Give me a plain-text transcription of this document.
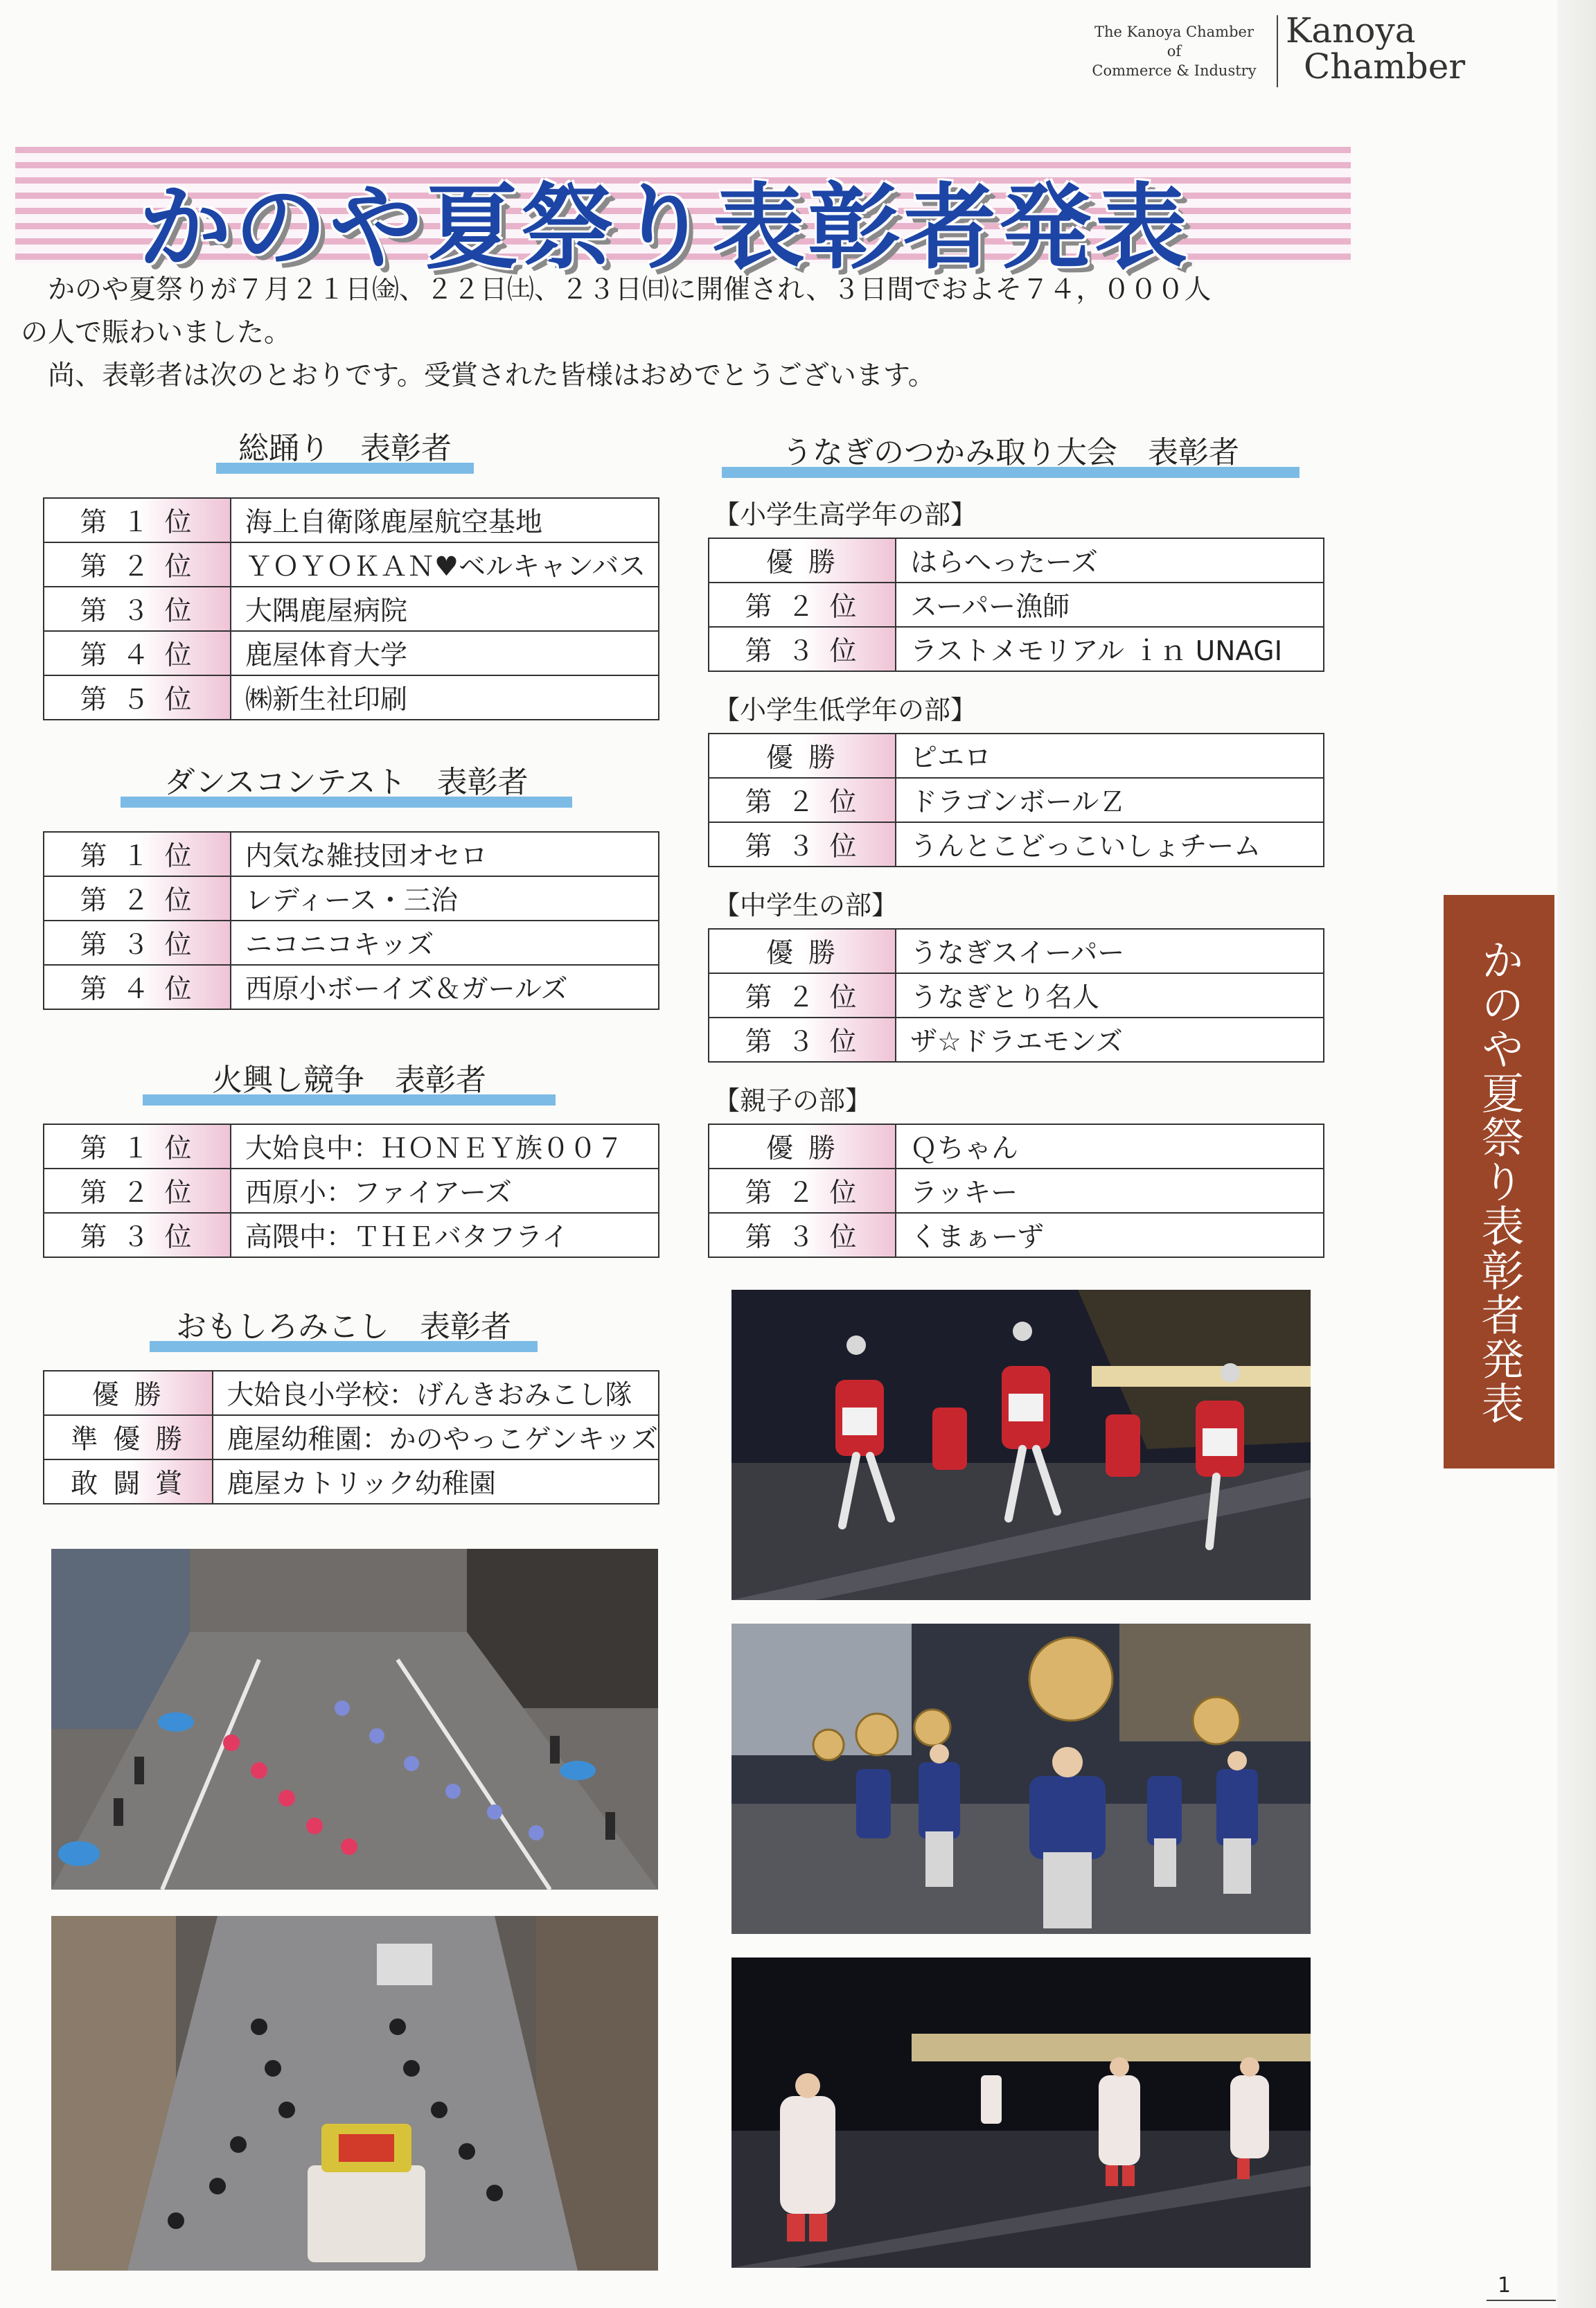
The Kanoya Chamber
of
Commerce & Industry
Kanoya
Chamber
かのや夏祭り表彰者発表

　かのや夏祭りが７月２１日㈮、２２日㈯、２３日㈰に開催され、３日間でおよそ７４，０００人

の人で賑わいました。

　尚、表彰者は次のとおりです。受賞された皆様はおめでとうございます。

総踊り　表彰者
第１位	海上自衛隊鹿屋航空基地
第２位	ＹＯＹＯＫＡＮ♥ベルキャンバス
第３位	大隅鹿屋病院
第４位	鹿屋体育大学
第５位	㈱新生社印刷
ダンスコンテスト　表彰者
第１位	内気な雑技団オセロ
第２位	レディース・三治
第３位	ニコニコキッズ
第４位	西原小ボーイズ＆ガールズ
火興し競争　表彰者
第１位	大姶良中：ＨＯＮＥＹ族００７
第２位	西原小：ファイアーズ
第３位	高隈中：ＴＨＥバタフライ
おもしろみこし　表彰者
優勝	大姶良小学校：げんきおみこし隊
準優勝	鹿屋幼稚園：かのやっこゲンキッズ
敢闘賞	鹿屋カトリック幼稚園
うなぎのつかみ取り大会　表彰者
【小学生高学年の部】
優勝	はらへったーズ
第２位	スーパー漁師
第３位	ラストメモリアル ｉｎ UNAGI
【小学生低学年の部】
優勝	ピエロ
第２位	ドラゴンボールＺ
第３位	うんとこどっこいしょチーム
【中学生の部】
優勝	うなぎスイーパー
第２位	うなぎとり名人
第３位	ザ☆ドラエモンズ
【親子の部】
優勝	Ｑちゃん
第２位	ラッキー
第３位	くまぁーず	かのや夏祭り表彰者発表
1
